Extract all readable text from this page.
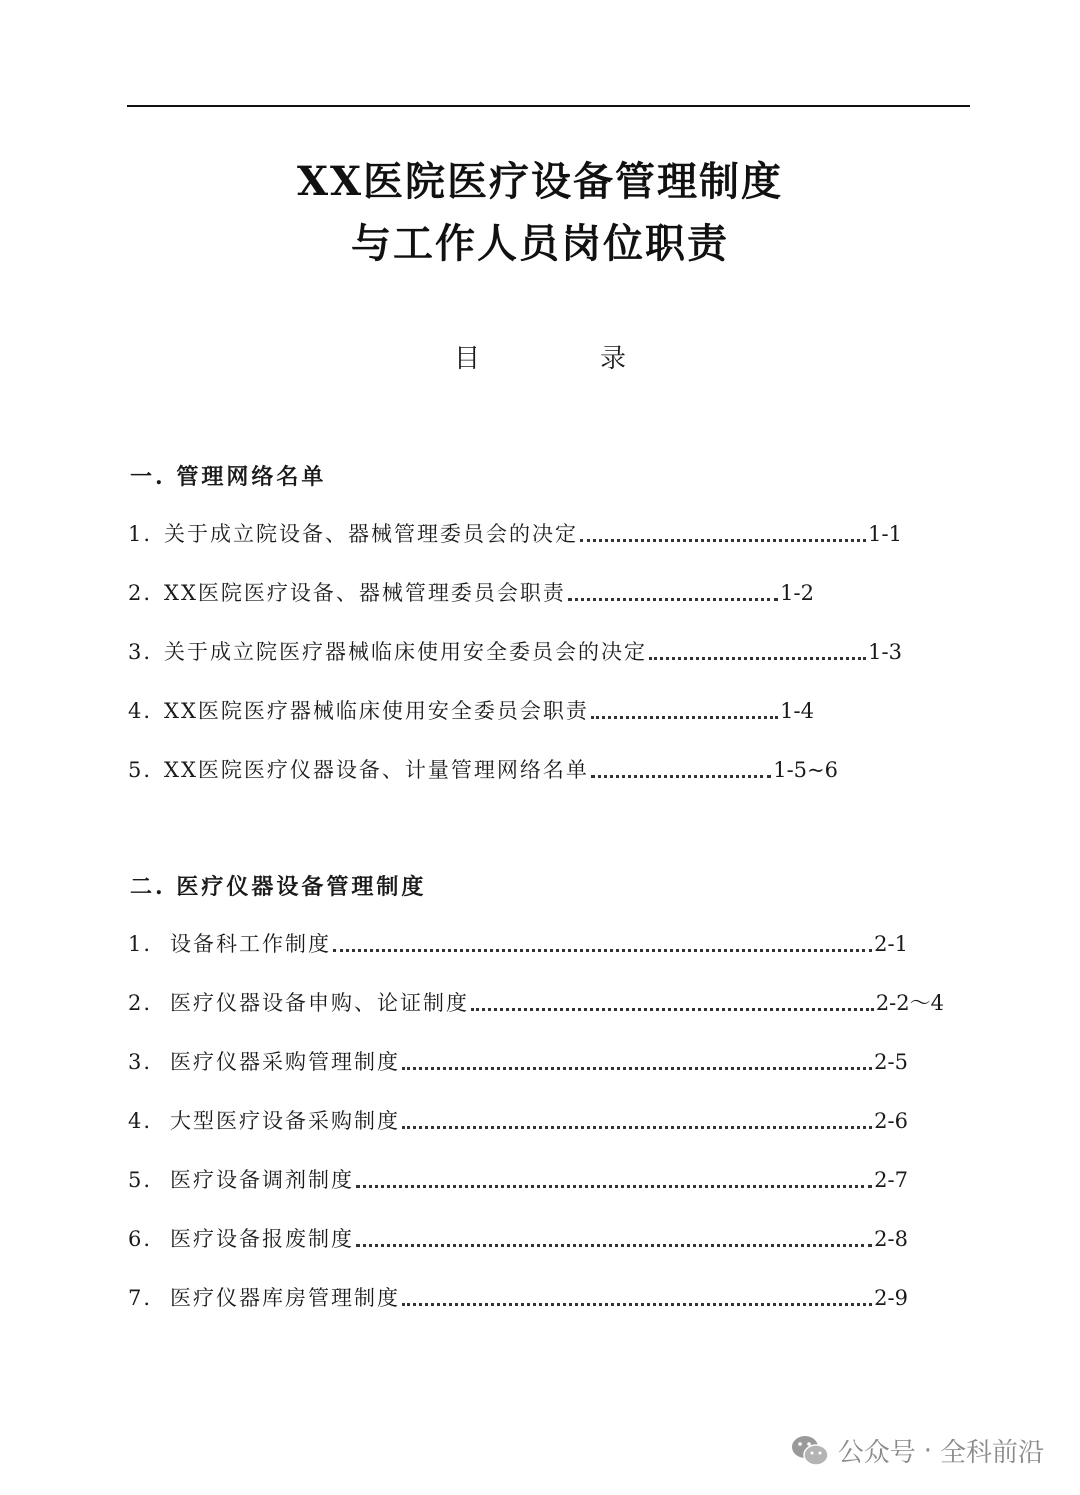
XX医院医疗设备管理制度
与工作人员岗位职责
目录
一. 管理网络名单
1. 关于成立院设备、器械管理委员会的决定	1-1
2. XX医院医疗设备、器械管理委员会职责	1-2
3. 关于成立院医疗器械临床使用安全委员会的决定	1-3
4. XX医院医疗器械临床使用安全委员会职责	1-4
5. XX医院医疗仪器设备、计量管理网络名单	1-5~6
二. 医疗仪器设备管理制度
1. 设备科工作制度	2-1
2. 医疗仪器设备申购、论证制度	2-2～4
3. 医疗仪器采购管理制度	2-5
4. 大型医疗设备采购制度	2-6
5. 医疗设备调剂制度	2-7
6. 医疗设备报废制度	2-8
7. 医疗仪器库房管理制度	2-9
公众号 · 全科前沿
